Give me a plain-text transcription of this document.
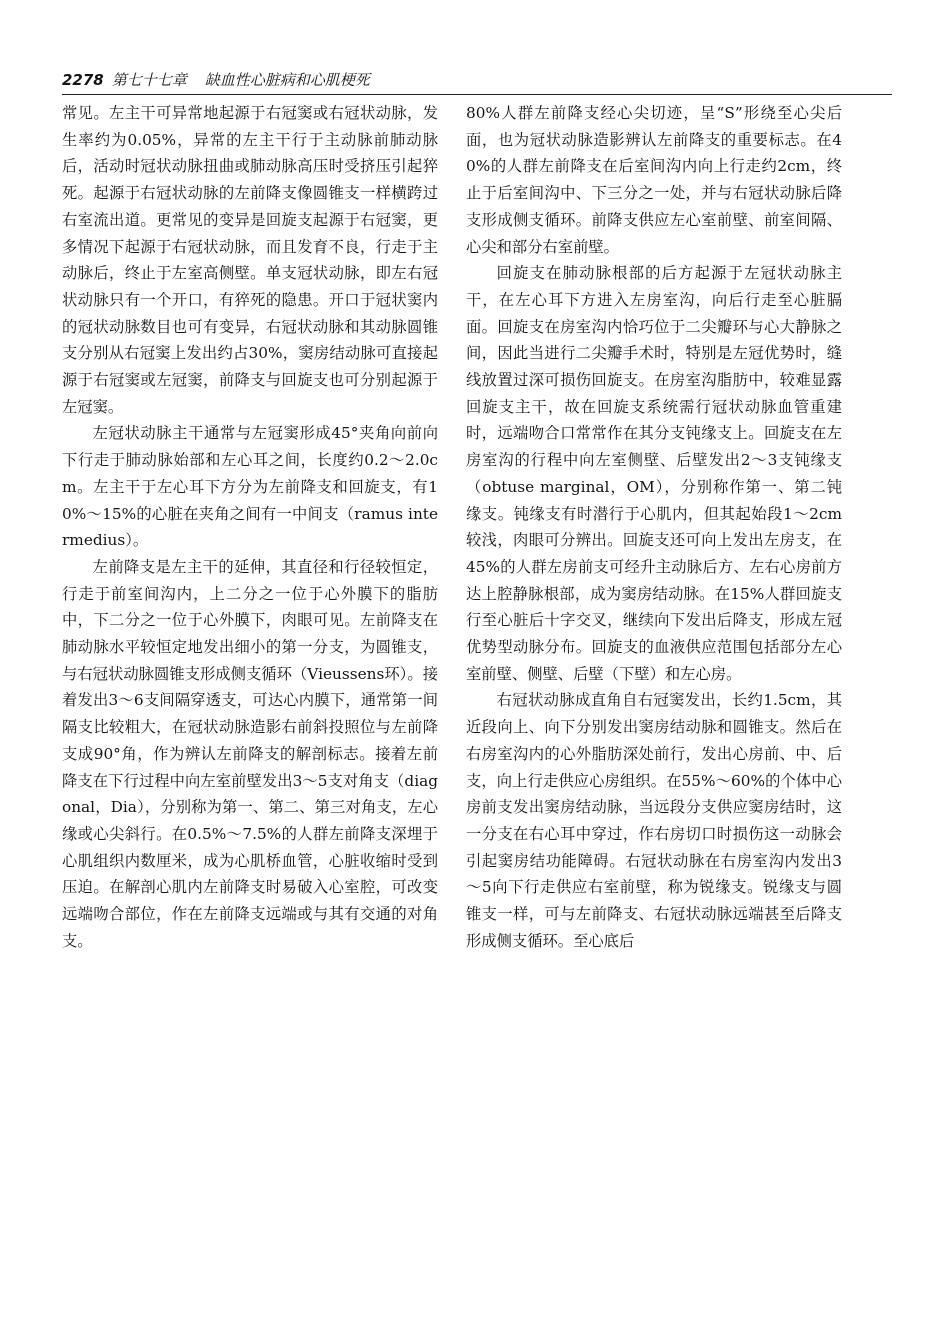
2278 第七十七章 缺血性心脏病和心肌梗死

常见。左主干可异常地起源于右冠窦或右冠状动脉，发生率约为0.05%，异常的左主干行于主动脉前肺动脉后，活动时冠状动脉扭曲或肺动脉高压时受挤压引起猝死。起源于右冠状动脉的左前降支像圆锥支一样横跨过右室流出道。更常见的变异是回旋支起源于右冠窦，更多情况下起源于右冠状动脉，而且发育不良，行走于主动脉后，终止于左室高侧壁。单支冠状动脉，即左右冠状动脉只有一个开口，有猝死的隐患。开口于冠状窦内的冠状动脉数目也可有变异，右冠状动脉和其动脉圆锥支分别从右冠窦上发出约占30%，窦房结动脉可直接起源于右冠窦或左冠窦，前降支与回旋支也可分别起源于左冠窦。

左冠状动脉主干通常与左冠窦形成45°夹角向前向下行走于肺动脉始部和左心耳之间，长度约0.2～2.0cm。左主干于左心耳下方分为左前降支和回旋支，有10%～15%的心脏在夹角之间有一中间支（ramus intermedius）。

左前降支是左主干的延伸，其直径和行径较恒定，行走于前室间沟内，上二分之一位于心外膜下的脂肪中，下二分之一位于心外膜下，肉眼可见。左前降支在肺动脉水平较恒定地发出细小的第一分支，为圆锥支，与右冠状动脉圆锥支形成侧支循环（Vieussens环）。接着发出3～6支间隔穿透支，可达心内膜下，通常第一间隔支比较粗大，在冠状动脉造影右前斜投照位与左前降支成90°角，作为辨认左前降支的解剖标志。接着左前降支在下行过程中向左室前壁发出3～5支对角支（diagonal，Dia），分别称为第一、第二、第三对角支，左心缘或心尖斜行。在0.5%～7.5%的人群左前降支深埋于心肌组织内数厘米，成为心肌桥血管，心脏收缩时受到压迫。在解剖心肌内左前降支时易破入心室腔，可改变远端吻合部位，作在左前降支远端或与其有交通的对角支。

80%人群左前降支经心尖切迹，呈“S”形绕至心尖后面，也为冠状动脉造影辨认左前降支的重要标志。在40%的人群左前降支在后室间沟内向上行走约2cm，终止于后室间沟中、下三分之一处，并与右冠状动脉后降支形成侧支循环。前降支供应左心室前壁、前室间隔、心尖和部分右室前壁。

回旋支在肺动脉根部的后方起源于左冠状动脉主干，在左心耳下方进入左房室沟，向后行走至心脏膈面。回旋支在房室沟内恰巧位于二尖瓣环与心大静脉之间，因此当进行二尖瓣手术时，特别是左冠优势时，缝线放置过深可损伤回旋支。在房室沟脂肪中，较难显露回旋支主干，故在回旋支系统需行冠状动脉血管重建时，远端吻合口常常作在其分支钝缘支上。回旋支在左房室沟的行程中向左室侧壁、后壁发出2～3支钝缘支（obtuse marginal，OM），分别称作第一、第二钝缘支。钝缘支有时潜行于心肌内，但其起始段1～2cm较浅，肉眼可分辨出。回旋支还可向上发出左房支，在45%的人群左房前支可经升主动脉后方、左右心房前方达上腔静脉根部，成为窦房结动脉。在15%人群回旋支行至心脏后十字交叉，继续向下发出后降支，形成左冠优势型动脉分布。回旋支的血液供应范围包括部分左心室前壁、侧壁、后壁（下壁）和左心房。

右冠状动脉成直角自右冠窦发出，长约1.5cm，其近段向上、向下分别发出窦房结动脉和圆锥支。然后在右房室沟内的心外脂肪深处前行，发出心房前、中、后支，向上行走供应心房组织。在55%～60%的个体中心房前支发出窦房结动脉，当远段分支供应窦房结时，这一分支在右心耳中穿过，作右房切口时损伤这一动脉会引起窦房结功能障碍。右冠状动脉在右房室沟内发出3～5向下行走供应右室前壁，称为锐缘支。锐缘支与圆锥支一样，可与左前降支、右冠状动脉远端甚至后降支形成侧支循环。至心底后
